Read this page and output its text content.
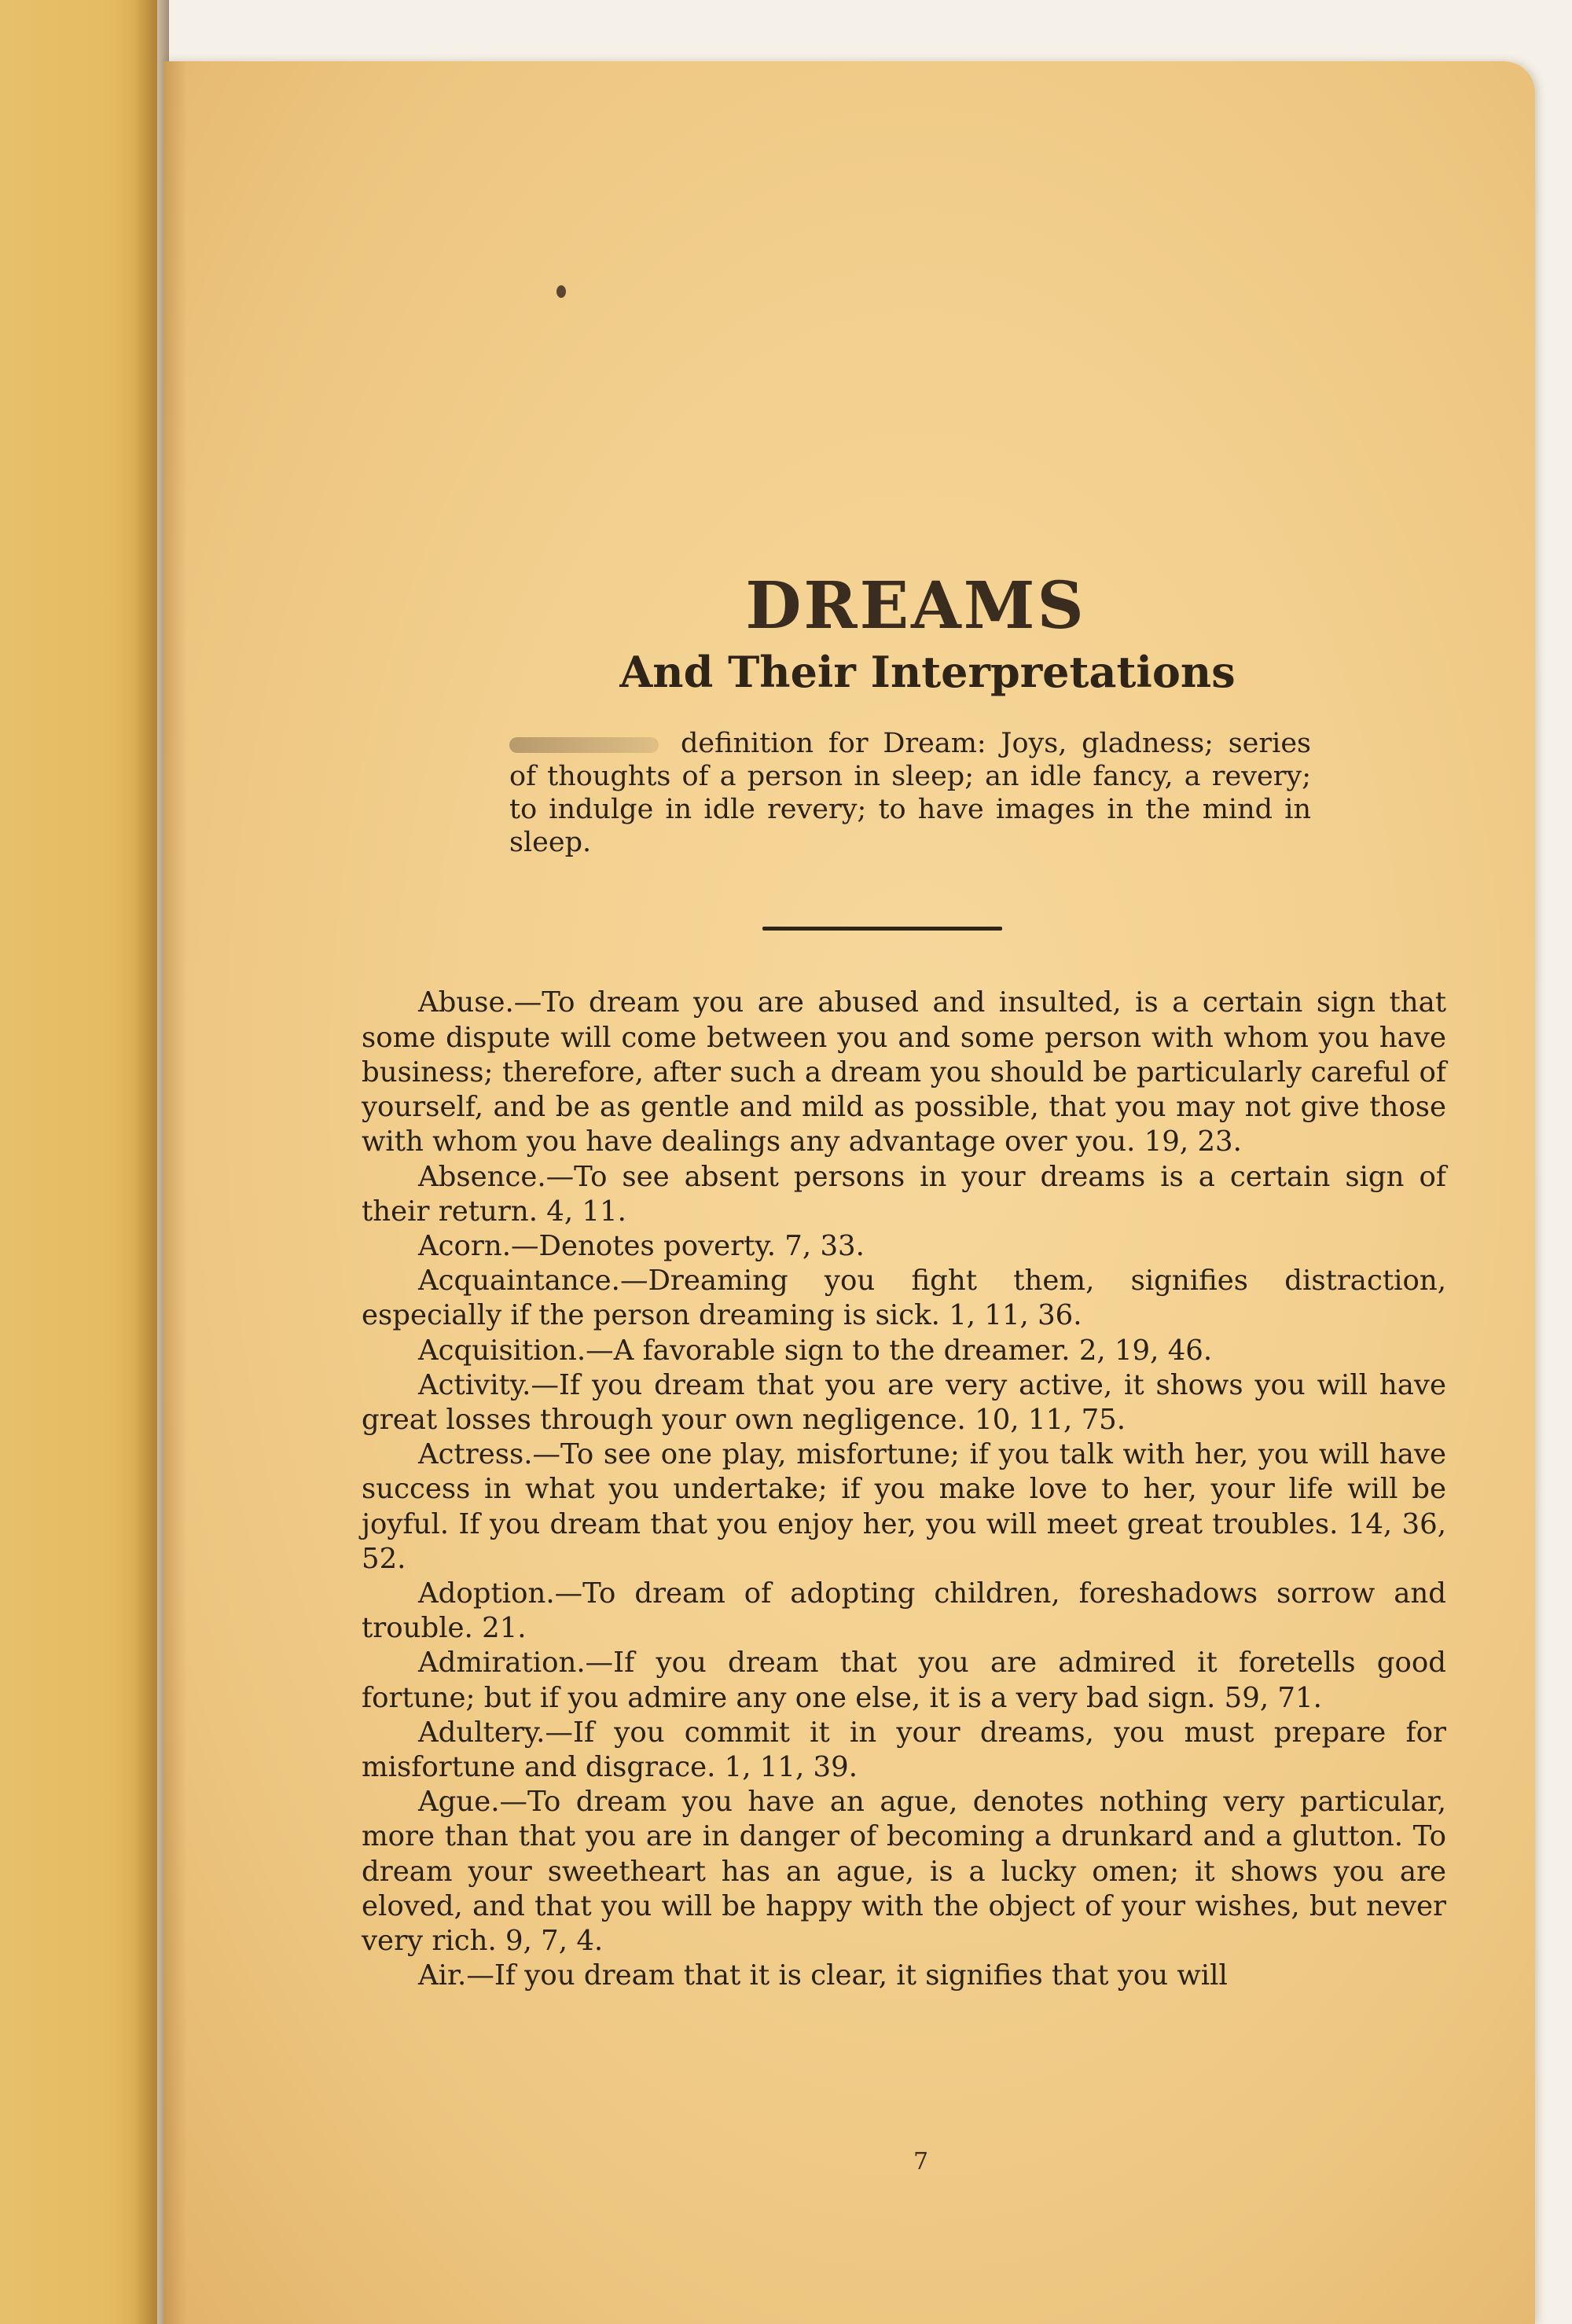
DREAMS
And Their Interpretations

definition for Dream: Joys, gladness; series of thoughts of a person in sleep; an idle fancy, a revery; to indulge in idle revery; to have images in the mind in sleep.

Abuse.—To dream you are abused and insulted, is a certain sign that some dispute will come between you and some person with whom you have business; therefore, after such a dream you should be particularly careful of yourself, and be as gentle and mild as possible, that you may not give those with whom you have dealings any advantage over you. 19, 23.

Absence.—To see absent persons in your dreams is a certain sign of their return. 4, 11.

Acorn.—Denotes poverty. 7, 33.

Acquaintance.—Dreaming you fight them, signifies distraction, especially if the person dreaming is sick. 1, 11, 36.

Acquisition.—A favorable sign to the dreamer. 2, 19, 46.

Activity.—If you dream that you are very active, it shows you will have great losses through your own negligence. 10, 11, 75.

Actress.—To see one play, misfortune; if you talk with her, you will have success in what you undertake; if you make love to her, your life will be joyful. If you dream that you enjoy her, you will meet great troubles. 14, 36, 52.

Adoption.—To dream of adopting children, foreshadows sorrow and trouble. 21.

Admiration.—If you dream that you are admired it foretells good fortune; but if you admire any one else, it is a very bad sign. 59, 71.

Adultery.—If you commit it in your dreams, you must prepare for misfortune and disgrace. 1, 11, 39.

Ague.—To dream you have an ague, denotes nothing very particular, more than that you are in danger of becoming a drunkard and a glutton. To dream your sweetheart has an ague, is a lucky omen; it shows you are eloved, and that you will be happy with the object of your wishes, but never very rich. 9, 7, 4.

Air.—If you dream that it is clear, it signifies that you will

7
